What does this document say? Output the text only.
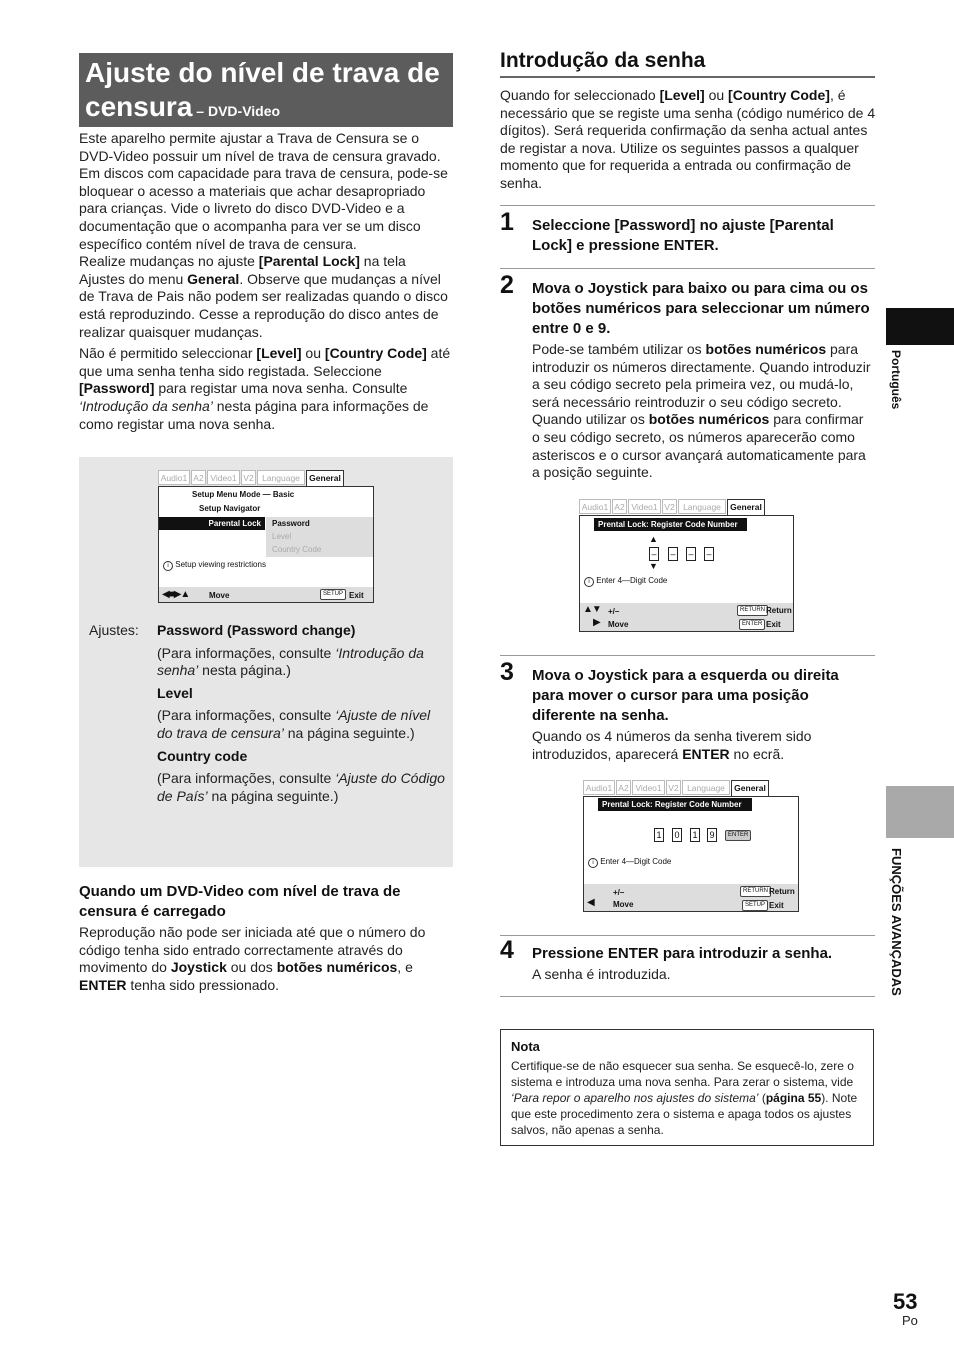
Ajuste do nível de trava de
censura – DVD-Video

Este aparelho permite ajustar a Trava de Censura se o DVD-Video possuir um nível de trava de censura gravado. Em discos com capacidade para trava de censura, pode-se bloquear o acesso a materiais que achar desapropriado para crianças. Vide o livreto do disco DVD-Video e a documentação que o acompanha para ver se um disco específico contém nível de trava de censura.

Realize mudanças no ajuste [Parental Lock] na tela Ajustes do menu General. Observe que mudanças a nível de Trava de Pais não podem ser realizadas quando o disco está reproduzindo. Cesse a reprodução do disco antes de realizar quaisquer mudanças.

Não é permitido seleccionar [Level] ou [Country Code] até que uma senha tenha sido registada. Seleccione [Password] para registar uma nova senha. Consulte ‘Introdução da senha’ nesta página para informações de como registar uma nova senha.

Audio1 A2 Video1 V2 Language	General
Setup Menu Mode — Basic
Setup Navigator
Parental Lock Password
Level
Country Code
i Setup viewing restrictions
◀■▶▲ Move	SETUP Exit
Ajustes: Password (Password change)

(Para informações, consulte ‘Introdução da senha’ nesta página.)

Level

(Para informações, consulte ‘Ajuste de nível do trava de censura’ na página seguinte.)

Country code

(Para informações, consulte ‘Ajuste do Código de País’ na página seguinte.)

Quando um DVD-Video com nível de trava de censura é carregado

Reprodução não pode ser iniciada até que o número do código tenha sido entrado correctamente através do movimento do Joystick ou dos botões numéricos, e ENTER tenha sido pressionado.

Introdução da senha

Quando for seleccionado [Level] ou [Country Code], é necessário que se registe uma senha (código numérico de 4 dígitos). Será requerida confirmação da senha actual antes de registar a nova. Utilize os seguintes passos a qualquer momento que for requerida a entrada ou confirmação de senha.

1 Seleccione [Password] no ajuste [Parental Lock] e pressione ENTER.

2 Mova o Joystick para baixo ou para cima ou os botões numéricos para seleccionar um número entre 0 e 9.

Pode-se também utilizar os botões numéricos para introduzir os números directamente. Quando introduzir a seu código secreto pela primeira vez, ou mudá-lo, será necessário reintroduzir o seu código secreto. Quando utilizar os botões numéricos para confirmar o seu código secreto, os números aparecerão como asteriscos e o cursor avançará automaticamente para a posição seguinte.

Audio1 A2 Video1 V2 Language	General
Prental Lock: Register Code Number
▲
– – – –
▼
i Enter 4—Digit Code
▲▼ +/–
▶ Move
RETURN Return
ENTER Exit
3 Mova o Joystick para a esquerda ou direita para mover o cursor para uma posição diferente na senha.

Quando os 4 números da senha tiverem sido introduzidos, aparecerá ENTER no ecrã.

Audio1 A2 Video1 V2 Language	General
Prental Lock: Register Code Number
1 0 1 9	ENTER
i Enter 4—Digit Code
+/–
◀ Move
RETURN Return
SETUP Exit
4 Pressione ENTER para introduzir a senha.

A senha é introduzida.

Nota

Certifique-se de não esquecer sua senha. Se esquecê-lo, zere o sistema e introduza uma nova senha. Para zerar o sistema, vide ‘Para repor o aparelho nos ajustes do sistema’ (página 55). Note que este procedimento zera o sistema e apaga todos os ajustes salvos, não apenas a senha.

Português
FUNÇÕES AVANÇADAS
53
Po
